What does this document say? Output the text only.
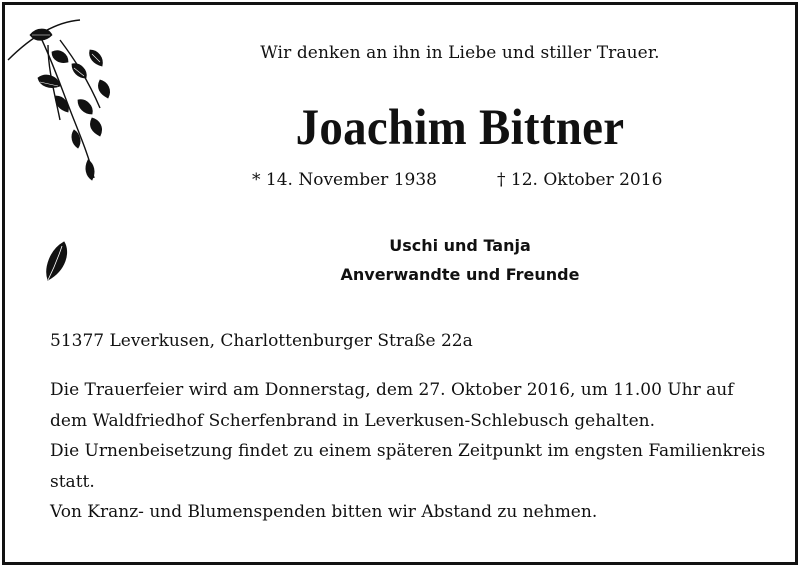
Wir denken an ihn in Liebe und stiller Trauer.
Joachim Bittner
* 14. November 1938	† 12. Oktober 2016
Uschi und Tanja
Anverwandte und Freunde
51377 Leverkusen, Charlottenburger Straße 22a

Die Trauerfeier wird am Donnerstag, dem 27. Oktober 2016, um 11.00 Uhr auf

dem Waldfriedhof Scherfenbrand in Leverkusen-Schlebusch gehalten.

Die Urnenbeisetzung findet zu einem späteren Zeitpunkt im engsten Familienkreis

statt.

Von Kranz- und Blumenspenden bitten wir Abstand zu nehmen.
